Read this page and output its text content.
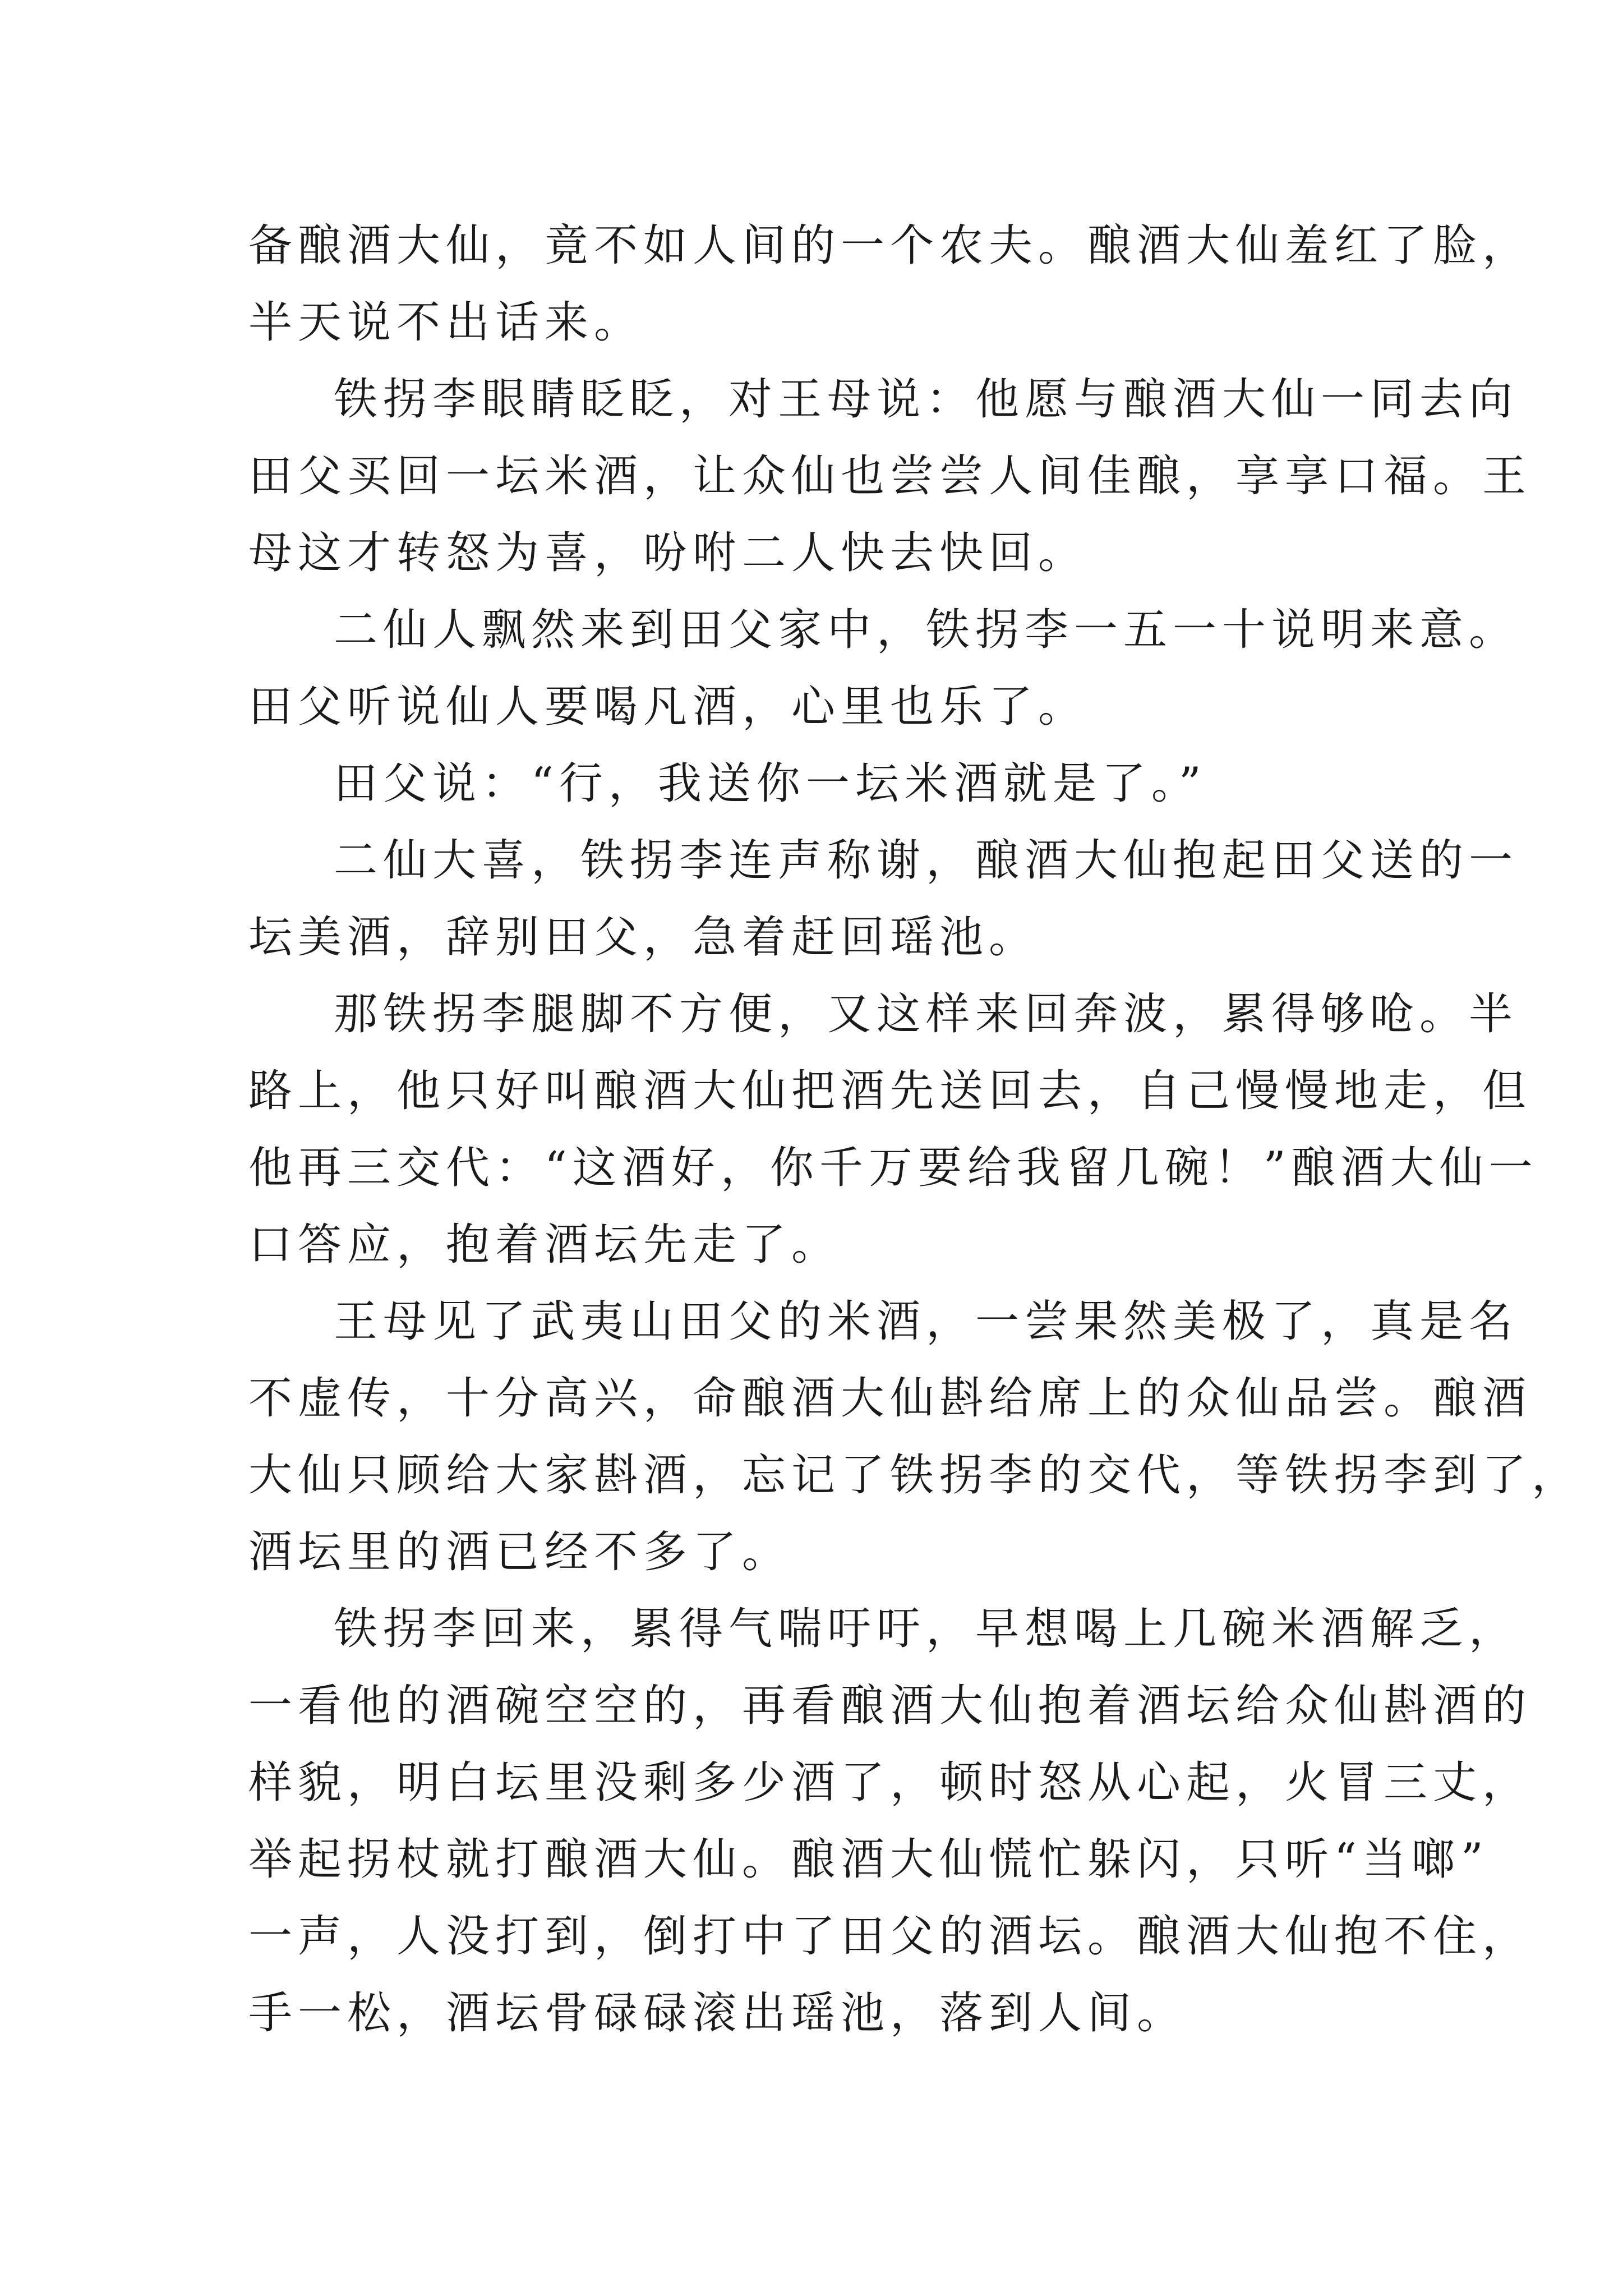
备酿酒大仙，竟不如人间的一个农夫。酿酒大仙羞红了脸，
半天说不出话来。
铁拐李眼睛眨眨，对王母说：他愿与酿酒大仙一同去向
田父买回一坛米酒，让众仙也尝尝人间佳酿，享享口福。王
母这才转怒为喜，吩咐二人快去快回。
二仙人飘然来到田父家中，铁拐李一五一十说明来意。
田父听说仙人要喝凡酒，心里也乐了。
田父说：“行，我送你一坛米酒就是了。”
二仙大喜，铁拐李连声称谢，酿酒大仙抱起田父送的一
坛美酒，辞别田父，急着赶回瑶池。
那铁拐李腿脚不方便，又这样来回奔波，累得够呛。半
路上，他只好叫酿酒大仙把酒先送回去，自己慢慢地走，但
他再三交代：“这酒好，你千万要给我留几碗！”酿酒大仙一
口答应，抱着酒坛先走了。
王母见了武夷山田父的米酒，一尝果然美极了，真是名
不虚传，十分高兴，命酿酒大仙斟给席上的众仙品尝。酿酒
大仙只顾给大家斟酒，忘记了铁拐李的交代，等铁拐李到了，
酒坛里的酒已经不多了。
铁拐李回来，累得气喘吁吁，早想喝上几碗米酒解乏，
一看他的酒碗空空的，再看酿酒大仙抱着酒坛给众仙斟酒的
样貌，明白坛里没剩多少酒了，顿时怒从心起，火冒三丈，
举起拐杖就打酿酒大仙。酿酒大仙慌忙躲闪，只听“当啷”
一声，人没打到，倒打中了田父的酒坛。酿酒大仙抱不住，
手一松，酒坛骨碌碌滚出瑶池，落到人间。
